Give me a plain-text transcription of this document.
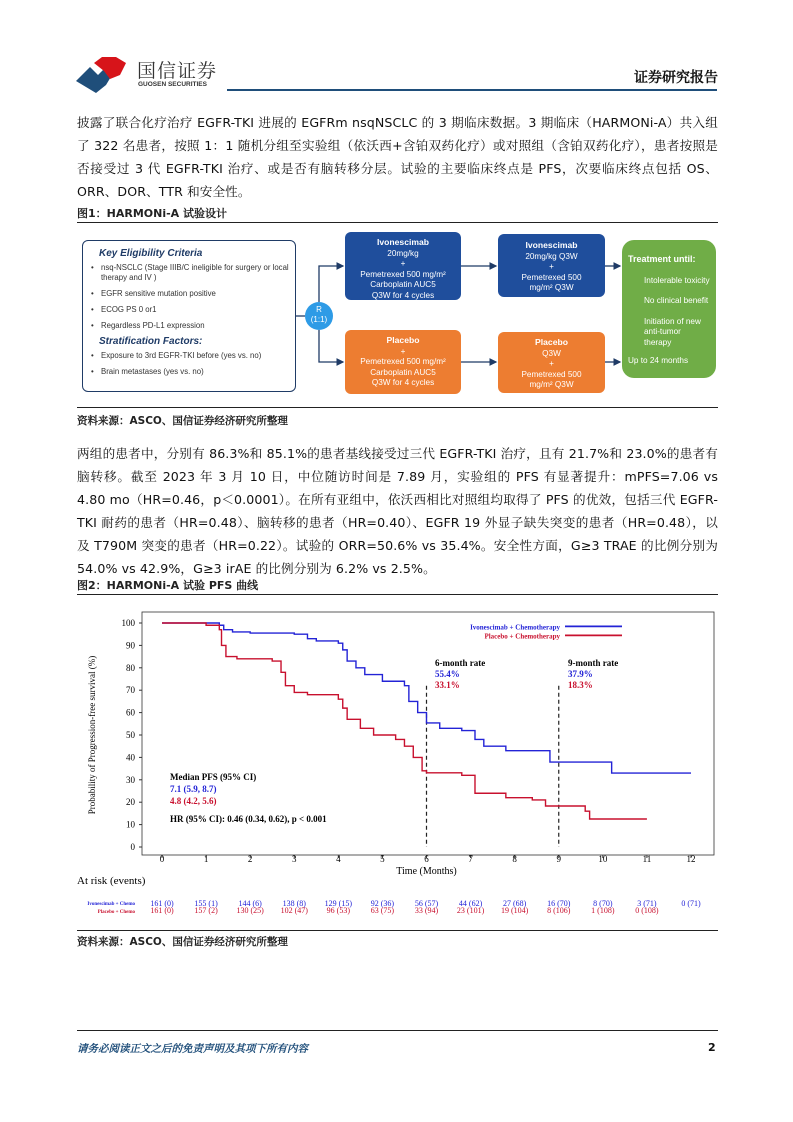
国信证券
GUOSEN SECURITIES	证券研究报告
披露了联合化疗治疗 EGFR-TKI 进展的 EGFRm nsqNSCLC 的 3 期临床数据。3 期临床（HARMONi-A）共入组了 322 名患者，按照 1：1 随机分组至实验组（依沃西+含铂双药化疗）或对照组（含铂双药化疗），患者按照是否接受过 3 代 EGFR-TKI 治疗、或是否有脑转移分层。试验的主要临床终点是 PFS，次要临床终点包括 OS、ORR、DOR、TTR 和安全性。
图1：HARMONi-A 试验设计
Key Eligibility Criteria
• nsq-NSCLC (Stage IIIB/C ineligible for surgery or local therapy and IV )
• EGFR sensitive mutation positive
• ECOG PS 0 or1
• Regardless PD-L1 expression
Stratification Factors:
• Exposure to 3rd EGFR-TKI before (yes vs. no)
• Brain metastases (yes vs. no)
R
(1:1)
Ivonescimab
20mg/kg
+
Pemetrexed 500 mg/m²
Carboplatin AUC5
Q3W for 4 cycles
Ivonescimab
20mg/kg Q3W
+
Pemetrexed 500
mg/m² Q3W
Placebo
+
Pemetrexed 500 mg/m²
Carboplatin AUC5
Q3W for 4 cycles
Placebo
Q3W
+
Pemetrexed 500
mg/m² Q3W
Treatment until:
Intolerable toxicity
No clinical benefit
Initiation of new anti-tumor therapy
Up to 24 months
资料来源：ASCO、国信证券经济研究所整理
两组的患者中，分别有 86.3%和 85.1%的患者基线接受过三代 EGFR-TKI 治疗，且有 21.7%和 23.0%的患者有脑转移。截至 2023 年 3 月 10 日，中位随访时间是 7.89 月，实验组的 PFS 有显著提升：mPFS=7.06 vs 4.80 mo（HR=0.46，p＜0.0001）。在所有亚组中，依沃西相比对照组均取得了 PFS 的优效，包括三代 EGFR-TKI 耐药的患者（HR=0.48）、脑转移的患者（HR=0.40）、EGFR 19 外显子缺失突变的患者（HR=0.48），以及 T790M 突变的患者（HR=0.22）。试验的 ORR=50.6% vs 35.4%。安全性方面，G≥3 TRAE 的比例分别为 54.0% vs 42.9%，G≥3 irAE 的比例分别为 6.2% vs 2.5%。
图2：HARMONi-A 试验 PFS 曲线
0	1	2	3	4	5	6	7	8	9	10	11	12
0
10
20
30
40
50
60
70
80
90
100
Time (Months)
Probability of Progression-free survival (%)
Ivonescimab + Chemotherapy
Placebo + Chemotherapy
6-month rate
55.4%
33.1%
9-month rate
37.9%
18.3%
Median PFS (95% CI)
7.1 (5.9, 8.7)
4.8 (4.2, 5.6)
HR (95% CI): 0.46 (0.34, 0.62), p < 0.001
At risk (events)
Ivonescimab + Chemo 161 (0)	155 (1)	144 (6)	138 (8) 129 (15) 92 (36)	56 (57)	44 (62)	27 (68)	16 (70)	8 (70)	3 (71)	0 (71)
Placebo + Chemo 161 (0)	157 (2) 130 (25) 102 (47) 96 (53)	63 (75)	33 (94) 23 (101) 19 (104) 8 (106)	1 (108)	0 (108)
资料来源：ASCO、国信证券经济研究所整理
请务必阅读正文之后的免责声明及其项下所有内容	2
